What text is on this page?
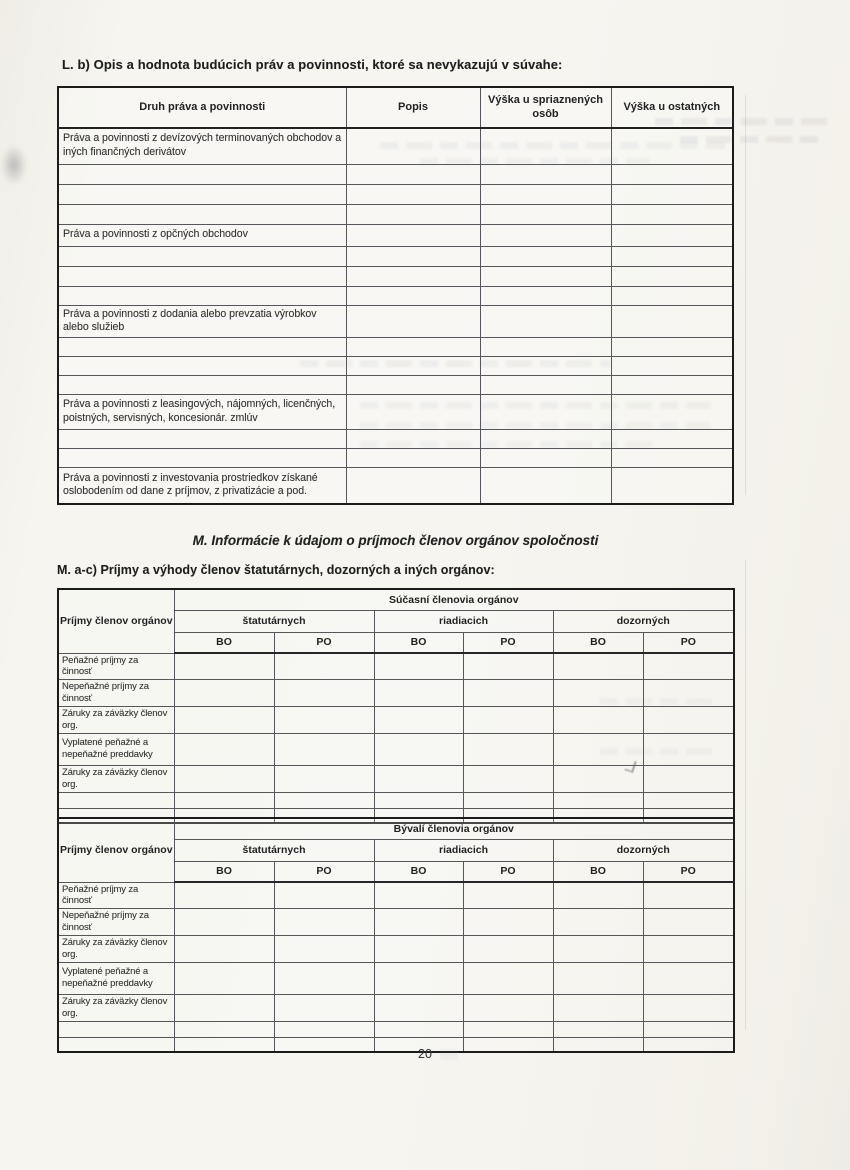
L. b) Opis a hodnota budúcich práv a povinnosti, ktoré sa nevykazujú v súvahe:
Druh práva a povinnosti	Popis	Výška u spriaznených osôb	Výška u ostatných
Práva a povinnosti z devízových terminovaných obchodov a iných finančných derivátov			

Práva a povinnosti z opčných obchodov			

Práva a povinnosti z dodania alebo prevzatia výrobkov alebo služieb			

Práva a povinnosti z leasingových, nájomných, licenčných, poistných, servisných, koncesionár. zmlúv			

Práva a povinnosti z investovania prostriedkov získané oslobodením od dane z príjmov, z privatizácie a pod.			
M. Informácie k údajom o príjmoch členov orgánov spoločnosti
M. a-c) Príjmy a výhody členov štatutárnych, dozorných a iných orgánov:
Príjmy členov orgánov	Súčasní členovia orgánov					
	štatutárnych		riadiacich		dozorných	
	BO	PO	BO	PO	BO	PO
Peňažné príjmy za činnosť						
Nepeňažné príjmy za činnosť						
Záruky za záväzky členov org.						
Vyplatené peňažné a nepeňažné preddavky						
Záruky za záväzky členov org.						

Príjmy členov orgánov	Bývalí členovia orgánov					
	štatutárnych		riadiacich		dozorných	
	BO	PO	BO	PO	BO	PO
Peňažné príjmy za činnosť						
Nepeňažné príjmy za činnosť						
Záruky za záväzky členov org.						
Vyplatené peňažné a nepeňažné preddavky						
Záruky za záväzky členov org.						

20
